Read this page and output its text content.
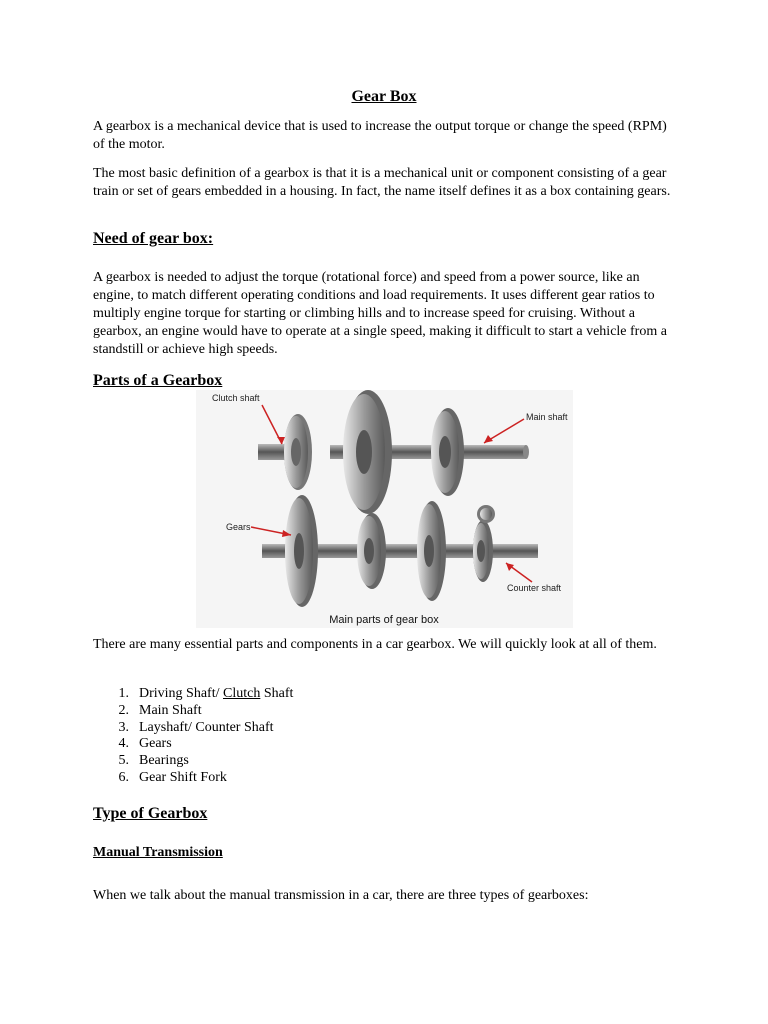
Gear Box

A gearbox is a mechanical device that is used to increase the output torque or change the speed (RPM) of the motor.

The most basic definition of a gearbox is that it is a mechanical unit or component consisting of a gear train or set of gears embedded in a housing. In fact, the name itself defines it as a box containing gears.

Need of gear box:

A gearbox is needed to adjust the torque (rotational force) and speed from a power source, like an engine, to match different operating conditions and load requirements. It uses different gear ratios to multiply engine torque for starting or climbing hills and to increase speed for cruising. Without a gearbox, an engine would have to operate at a single speed, making it difficult to start a vehicle from a standstill or achieve high speeds.

Parts of a Gearbox
Clutch shaft
Main shaft
Gears
Counter shaft
Main parts of gear box

There are many essential parts and components in a car gearbox. We will quickly look at all of them.

1. Driving Shaft/ Clutch Shaft
2. Main Shaft
3. Layshaft/ Counter Shaft
4. Gears
5. Bearings
6. Gear Shift Fork
Type of Gearbox
Manual Transmission

When we talk about the manual transmission in a car, there are three types of gearboxes:
